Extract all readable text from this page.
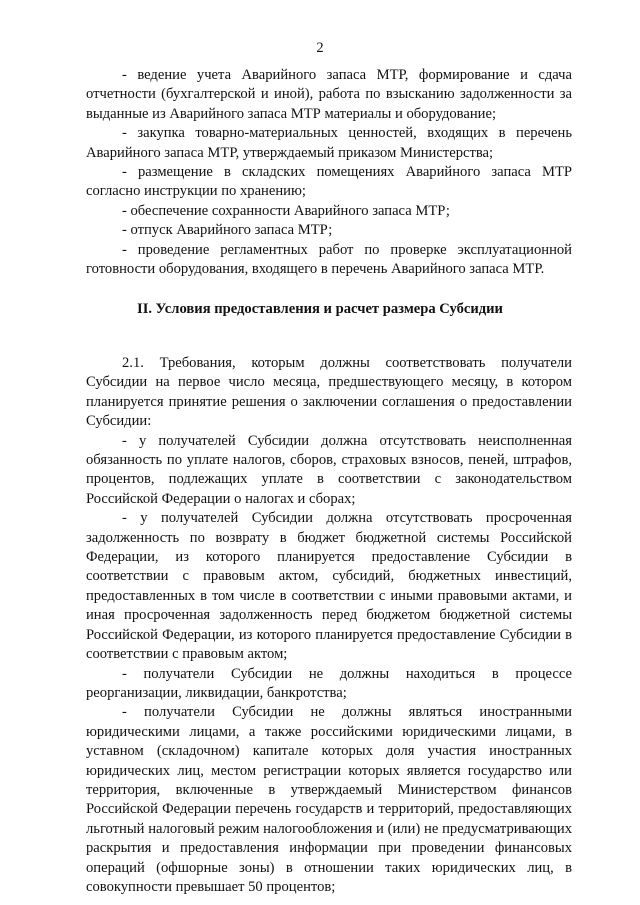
2

- ведение учета Аварийного запаса МТР, формирование и сдача отчетности (бухгалтерской и иной), работа по взысканию задолженности за выданные из Аварийного запаса МТР материалы и оборудование;

- закупка товарно-материальных ценностей, входящих в перечень Аварийного запаса МТР, утверждаемый приказом Министерства;

- размещение в складских помещениях Аварийного запаса МТР согласно инструкции по хранению;

- обеспечение сохранности Аварийного запаса МТР;

- отпуск Аварийного запаса МТР;

- проведение регламентных работ по проверке эксплуатационной готовности оборудования, входящего в перечень Аварийного запаса МТР.

II. Условия предоставления и расчет размера Субсидии

2.1. Требования, которым должны соответствовать получатели Субсидии на первое число месяца, предшествующего месяцу, в котором планируется принятие решения о заключении соглашения о предоставлении Субсидии:

- у получателей Субсидии должна отсутствовать неисполненная обязанность по уплате налогов, сборов, страховых взносов, пеней, штрафов, процентов, подлежащих уплате в соответствии с законодательством Российской Федерации о налогах и сборах;

- у получателей Субсидии должна отсутствовать просроченная задолженность по возврату в бюджет бюджетной системы Российской Федерации, из которого планируется предоставление Субсидии в соответствии с правовым актом, субсидий, бюджетных инвестиций, предоставленных в том числе в соответствии с иными правовыми актами, и иная просроченная задолженность перед бюджетом бюджетной системы Российской Федерации, из которого планируется предоставление Субсидии в соответствии с правовым актом;

- получатели Субсидии не должны находиться в процессе реорганизации, ликвидации, банкротства;

- получатели Субсидии не должны являться иностранными юридическими лицами, а также российскими юридическими лицами, в уставном (складочном) капитале которых доля участия иностранных юридических лиц, местом регистрации которых является государство или территория, включенные в утверждаемый Министерством финансов Российской Федерации перечень государств и территорий, предоставляющих льготный налоговый режим налогообложения и (или) не предусматривающих раскрытия и предоставления информации при проведении финансовых операций (офшорные зоны) в отношении таких юридических лиц, в совокупности превышает 50 процентов;
